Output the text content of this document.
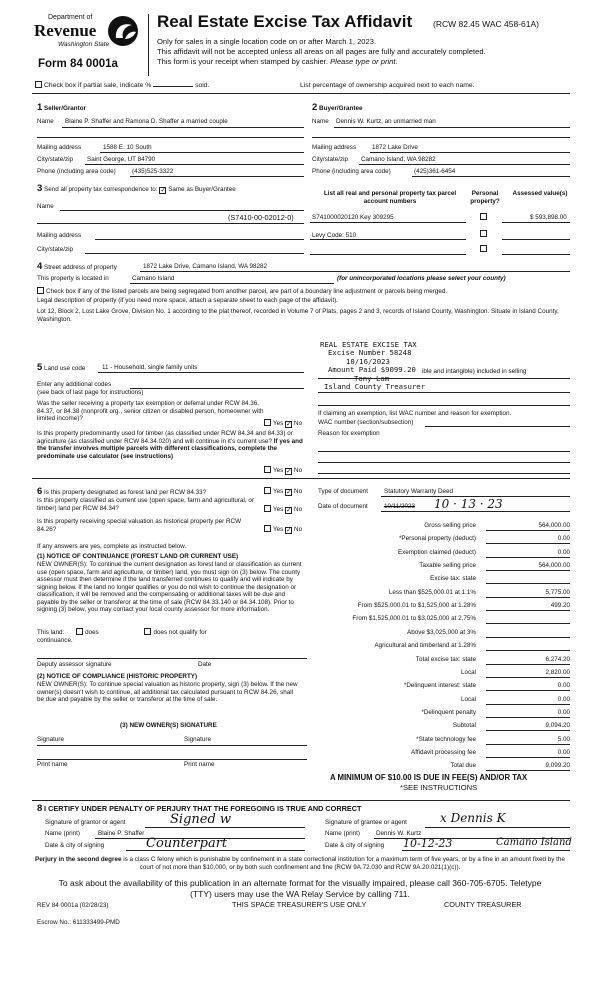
Department of
Revenue
Washington State
Form 84 0001a
Real Estate Excise Tax Affidavit (RCW 82.45 WAC 458-61A)
Only for sales in a single location code on or after March 1, 2023.
This affidavit will not be accepted unless all areas on all pages are fully and accurately completed.
This form is your receipt when stamped by cashier. Please type or print.
Check box if partial sale, indicate %	sold.	List percentage of ownership acquired next to each name.
1 Seller/Grantor
Name Blaine P. Shaffer and Ramona D. Shaffer a married couple
Mailing address	1588 E. 10 South
City/state/zip Saint George, UT 84790
Phone (including area code)	(435)525-3322
2 Buyer/Grantee
Name Dennis W. Kurtz, an unmarried man
Mailing address	1872 Lake Drive
City/state/zip Camano Island, WA 98282
Phone (including area code)	(425)361-6454
3 Send all property tax correspondence to: ✓ Same as Buyer/Grantee
Name
(S7410-00-02012-0)
Mailing address
City/state/zip
List all real and personal property tax parcel account numbers
Personal property?
Assessed value(s)
S741000020120 Key 309295	$ 593,898.00
Levy Code: 510
4 Street address of property	1872 Lake Drive, Camano Island, WA 98282
This property is located in	Camano Island	(for unincorporated locations please select your county)
Check box if any of the listed parcels are being segregated from another parcel, are part of a boundary line adjustment or parcels being merged.
Legal description of property (if you need more space, attach a separate sheet to each page of the affidavit).
Lot 12, Block 2, Lost Lake Grove, Division No. 1 according to the plat thereof, recorded in Volume 7 of Plats, pages 2 and 3, records of Island County, Washington. Situate in Island County, Washington.
REAL ESTATE EXCISE TAX
Excise Number 58248
10/16/2023
Amount Paid $9099.20
Tony Lam
Island County Treasurer
ible and intangible) included in selling
5 Land use code	11 - Household, single family units
Enter any additional codes
(see back of last page for instructions)
Was the seller receiving a property tax exemption or deferral under RCW 84.36, 84.37, or 84.38 (nonprofit org., senior citizen or disabled person, homeowner with limited income)?
Yes ✓ No
Is this property predominantly used for timber (as classified under RCW 84.34 and 84.33) or agriculture (as classified under RCW 84.34.020) and will continue in it's current use? If yes and the transfer involves multiple parcels with different classifications, complete the predominate use calculator (see instructions)
Yes ✓ No
If claiming an exemption, list WAC number and reason for exemption.
WAC number (section/subsection)
Reason for exemption
6 Is this property designated as forest land per RCW 84.33?	Yes ✓ No
Is this property classified as current use (open space, farm and agricultural, or timber) land per RCW 84.34?	Yes ✓ No
Is this property receiving special valuation as historical property per RCW 84.26?	Yes ✓ No
If any answers are yes, complete as instructed below.
(1) NOTICE OF CONTINUANCE (FOREST LAND OR CURRENT USE)
NEW OWNER(S): To continue the current designation as forest land or classification as current use (open space, farm and agriculture, or timber) land, you must sign on (3) below. The county assessor must then determine if the land transferred continues to qualify and will indicate by signing below. If the land no longer qualifies or you do not wish to continue the designation or classification, it will be removed and the compensating or additional taxes will be due and payable by the seller or transferor at the time of sale (RCW 84.33.140 or 84.34.108). Prior to signing (3) below, you may contact your local county assessor for more information.
This land:	does	does not qualify for
continuance.
Deputy assessor signature	Date
(2) NOTICE OF COMPLIANCE (HISTORIC PROPERTY)
NEW OWNER(S): To continue special valuation as historic property, sign (3) below. If the new owner(s) doesn't wish to continue, all additional tax calculated pursuant to RCW 84.26, shall be due and payable by the seller or transferor at the time of sale.
(3) NEW OWNER(S) SIGNATURE
Signature	Signature
Print name	Print name
Type of document	Statutory Warranty Deed
Date of document	10/11/2023 10 · 13 · 23
Gross selling price	564,000.00
*Personal property (deduct)	0.00
Exemption claimed (deduct)	0.00
Taxable selling price	564,000.00
Excise tax: state
Less than $525,000.01 at 1.1%	5,775.00
From $525,000.01 to $1,525,000 at 1.28%	499.20
From $1,525,000.01 to $3,025,000 at 2.75%
Above $3,025,000 at 3%
Agricultural and timberland at 1.28%
Total excise tax: state	6,274.20
Local	2,820.00
*Delinquent interest: state	0.00
Local	0.00
*Delinquent penalty	0.00
Subtotal	9,094.20
*State technology fee	5.00
Affidavit processing fee	0.00
Total due	9,099.20
A MINIMUM OF $10.00 IS DUE IN FEE(S) AND/OR TAX
*SEE INSTRUCTIONS
8 I CERTIFY UNDER PENALTY OF PERJURY THAT THE FOREGOING IS TRUE AND CORRECT
Signature of grantor or agent	Signed w
Name (print)	Blaine P. Shaffer
Date & city of signing	Counterpart
Signature of grantee or agent	x Dennis K
Name (print)	Dennis W. Kurtz
Date & city of signing 10-12-23	Camano Island
Perjury in the second degree is a class C felony which is punishable by confinement in a state correctional institution for a maximum term of five years, or by a fine in an amount fixed by the court of not more than $10,000, or by both such confinement and fine (RCW 9A.72.030 and RCW 9A.20.021(1)(c)).
To ask about the availability of this publication in an alternate format for the visually impaired, please call 360-705-6705. Teletype
(TTY) users may use the WA Relay Service by calling 711.
REV 84 0001a (02/28/23)	THIS SPACE TREASURER'S USE ONLY	COUNTY TREASURER
Escrow No.: 611333499-PMD
